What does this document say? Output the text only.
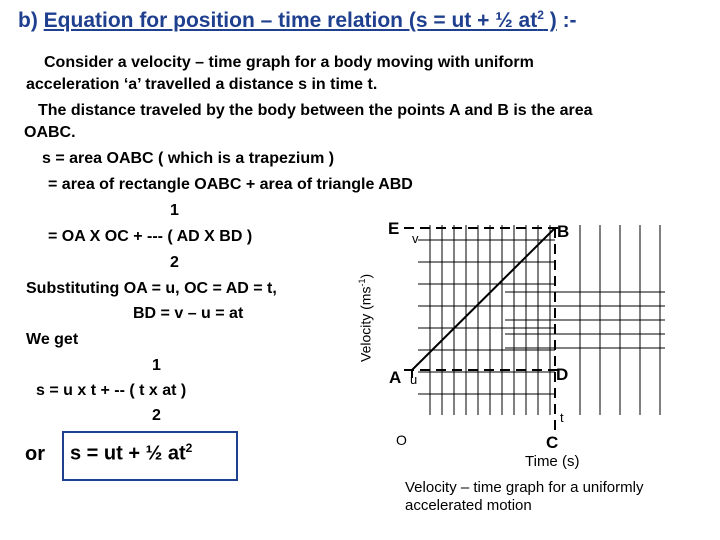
b) Equation for position – time relation (s = ut + ½ $at^2$ ) :-
Consider a velocity – time graph for a body moving with uniform
acceleration ‘a’ travelled a distance s in time t.
The distance traveled by the body between the points A and B is the area
OABC.
s = area OABC ( which is a trapezium )
= area of rectangle OABC + area of triangle ABD
1
= OA X OC + --- ( AD X BD )
2
Substituting OA = u, OC = AD = t,
BD = v – u = at
We get
1
s = u x t + -- ( t x at )
2
or s = ut + ½ $at^2$
Velocity $(ms^{-1})$
E
v	B
A u	D
t
O	C
Time (s)
Velocity – time graph for a uniformly
accelerated motion
